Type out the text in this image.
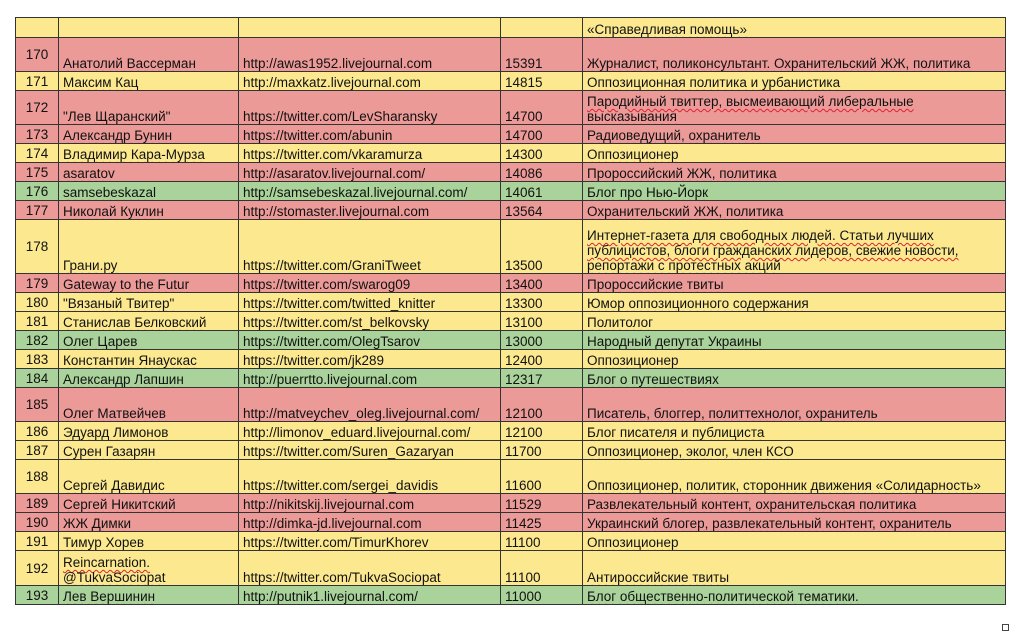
				«Справедливая помощь»
170	Анатолий Вассерман	http://awas1952.livejournal.com	15391	Журналист, поликонсультант. Охранительский ЖЖ, политика
171	Максим Кац	http://maxkatz.livejournal.com	14815	Оппозиционная политика и урбанистика
172	"Лев Щаранский"	https://twitter.com/LevSharansky	14700	Пародийный твиттер, высмеивающий либеральные высказывания
173	Александр Бунин	https://twitter.com/abunin	14700	Радиоведущий, охранитель
174	Владимир Кара-Мурза	https://twitter.com/vkaramurza	14300	Оппозиционер
175	asaratov	http://asaratov.livejournal.com/	14086	Пророссийский ЖЖ, политика
176	samsebeskazal	http://samsebeskazal.livejournal.com/	14061	Блог про Нью-Йорк
177	Николай Куклин	http://stomaster.livejournal.com	13564	Охранительский ЖЖ, политика
178	Грани.ру	https://twitter.com/GraniTweet	13500	Интернет-газета для свободных людей. Статьи лучших публицистов, блоги гражданских лидеров, свежие новости, репортажи с протестных акций
179	Gateway to the Futur	https://twitter.com/swarog09	13400	Пророссийские твиты
180	"Вязаный Твитер"	https://twitter.com/twitted_knitter	13300	Юмор оппозиционного содержания
181	Станислав Белковский	https://twitter.com/st_belkovsky	13100	Политолог
182	Олег Царев	https://twitter.com/OlegTsarov	13000	Народный депутат Украины
183	Константин Янаускас	https://twitter.com/jk289	12400	Оппозиционер
184	Александр Лапшин	http://puerrtto.livejournal.com	12317	Блог о путешествиях
185	Олег Матвейчев	http://matveychev_oleg.livejournal.com/	12100	Писатель, блоггер, политтехнолог, охранитель
186	Эдуард Лимонов	http://limonov_eduard.livejournal.com/	12100	Блог писателя и публициста
187	Сурен Газарян	https://twitter.com/Suren_Gazaryan	11700	Оппозиционер, эколог, член КСО
188	Сергей Давидис	https://twitter.com/sergei_davidis	11600	Оппозиционер, политик, сторонник движения «Солидарность»
189	Сергей Никитский	http://nikitskij.livejournal.com	11529	Развлекательный контент, охранительская политика
190	ЖЖ Димки	http://dimka-jd.livejournal.com	11425	Украинский блогер, развлекательный контент, охранитель
191	Тимур Хорев	https://twitter.com/TimurKhorev	11100	Оппозиционер
192	Reincarnation. @TukvaSociopat	https://twitter.com/TukvaSociopat	11100	Антироссийские твиты
193	Лев Вершинин	http://putnik1.livejournal.com/	11000	Блог общественно-политической тематики.
